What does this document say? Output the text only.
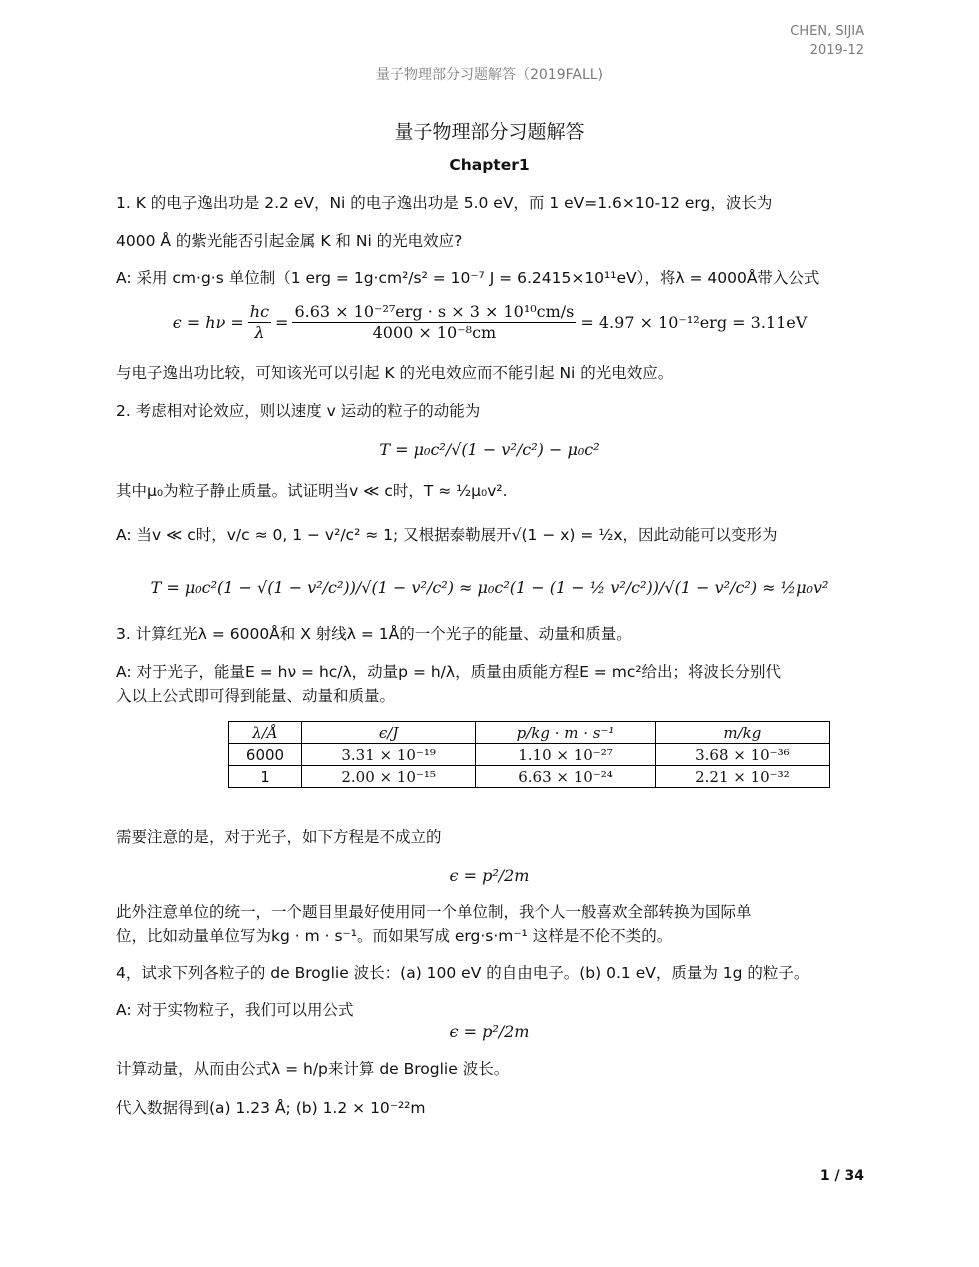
CHEN, SIJIA
2019-12
量子物理部分习题解答（2019FALL)
量子物理部分习题解答
Chapter1
1. K 的电子逸出功是 2.2 eV，Ni 的电子逸出功是 5.0 eV，而 1 eV=1.6×10-12 erg，波长为
4000 Å 的紫光能否引起金属 K 和 Ni 的光电效应?
A: 采用 cm·g·s 单位制（1 erg = 1g·cm²/s² = 10⁻⁷ J = 6.2415×10¹¹eV），将λ = 4000Å带入公式
$\epsilon = h\nu = \frac{hc}{\lambda}$ =
6.63 × 10⁻²⁷erg · s × 3 × 10¹⁰cm/s
4000 × 10⁻⁸cm
= 4.97 × 10⁻¹²erg = 3.11eV
与电子逸出功比较，可知该光可以引起 K 的光电效应而不能引起 Ni 的光电效应。
2. 考虑相对论效应，则以速度 v 运动的粒子的动能为
T = μ₀c²/√(1 − v²/c²) − μ₀c²
其中μ₀为粒子静止质量。试证明当v ≪ c时，T ≈ ½μ₀v².
A: 当v ≪ c时，v/c ≈ 0, 1 − v²/c² ≈ 1; 又根据泰勒展开√(1 − x) = ½x，因此动能可以变形为
T = μ₀c²(1 − √(1 − v²/c²))/√(1 − v²/c²) ≈ μ₀c²(1 − (1 − ½ v²/c²))/√(1 − v²/c²) ≈ ½μ₀v²
3. 计算红光λ = 6000Å和 X 射线λ = 1Å的一个光子的能量、动量和质量。
A: 对于光子，能量E = hν = hc/λ，动量p = h/λ，质量由质能方程E = mc²给出；将波长分别代
入以上公式即可得到能量、动量和质量。
λ/Å	ϵ/J	p/kg · m · s⁻¹	m/kg
6000	3.31 × 10⁻¹⁹	1.10 × 10⁻²⁷	3.68 × 10⁻³⁶
1	2.00 × 10⁻¹⁵	6.63 × 10⁻²⁴	2.21 × 10⁻³²
需要注意的是，对于光子，如下方程是不成立的
ϵ = p²/2m
此外注意单位的统一，一个题目里最好使用同一个单位制，我个人一般喜欢全部转换为国际单
位，比如动量单位写为kg · m · s⁻¹。而如果写成 erg·s·m⁻¹ 这样是不伦不类的。
4，试求下列各粒子的 de Broglie 波长：(a) 100 eV 的自由电子。(b) 0.1 eV，质量为 1g 的粒子。
A: 对于实物粒子，我们可以用公式
ϵ = p²/2m
计算动量，从而由公式λ = h/p来计算 de Broglie 波长。
代入数据得到(a) 1.23 Å; (b) 1.2 × 10⁻²²m
1 / 34
